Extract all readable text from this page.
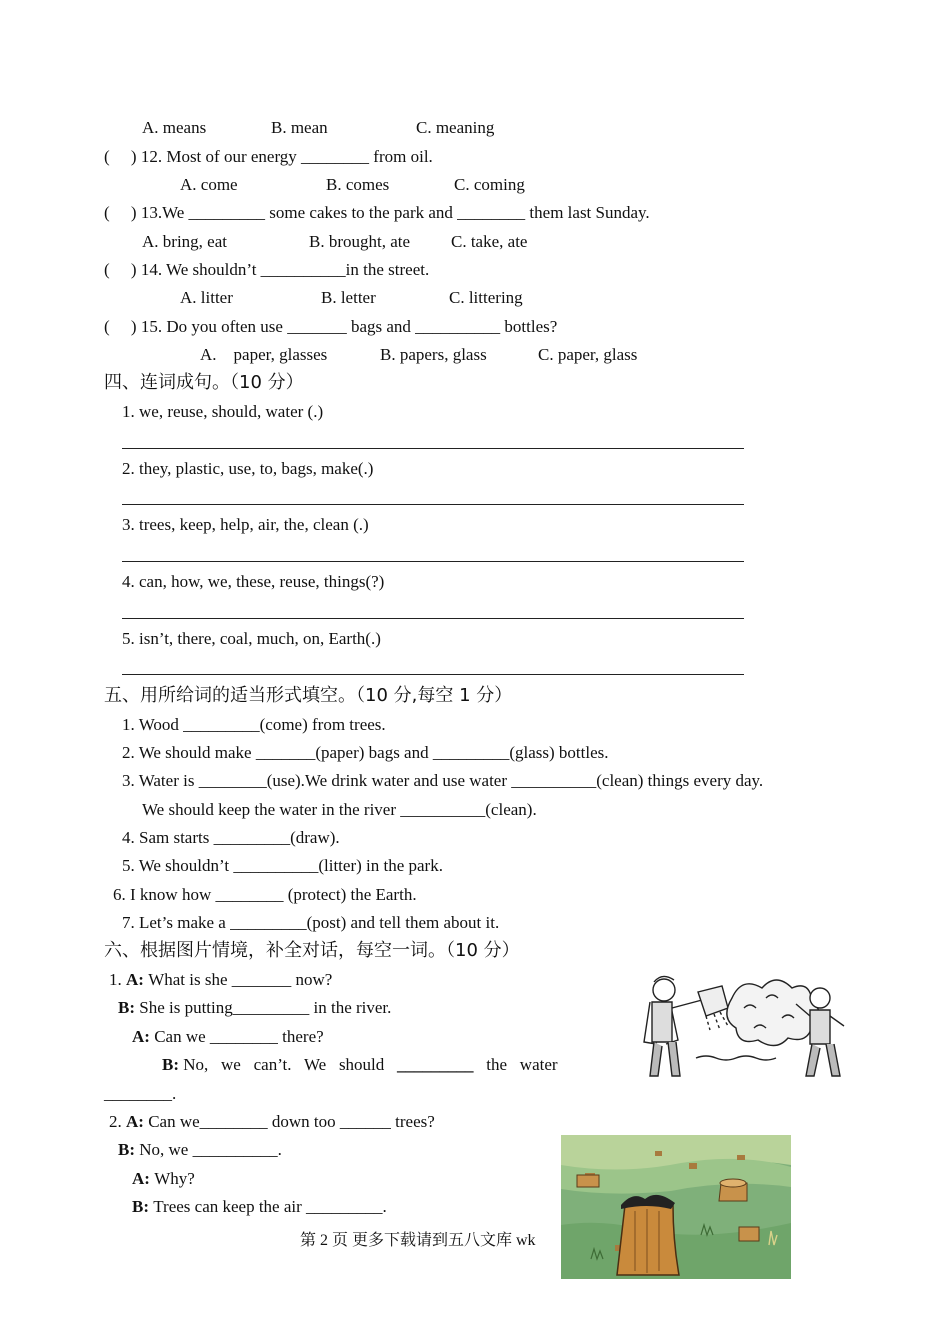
A. means	B. mean	C. meaning
(     ) 12. Most of our energy ________ from oil.
A. come	B. comes	C. coming
(     ) 13.We _________ some cakes to the park and ________ them last Sunday.
A. bring, eat	B. brought, ate C. take, ate
(     ) 14. We shouldn’t __________in the street.
A. litter	B. letter	C. littering
(     ) 15. Do you often use _______ bags and __________ bottles?
A.    paper, glasses	B. papers, glass	C. paper, glass
四、连词成句。（10 分）
1. we, reuse, should, water (.)
2. they, plastic, use, to, bags, make(.)
3. trees, keep, help, air, the, clean (.)
4. can, how, we, these, reuse, things(?)
5. isn’t, there, coal, much, on, Earth(.)
五、用所给词的适当形式填空。（10 分,每空 1 分）
1. Wood _________(come) from trees.
2. We should make _______(paper) bags and _________(glass) bottles.
3. Water is ________(use).We drink water and use water __________(clean) things every day.
We should keep the water in the river __________(clean).
4. Sam starts _________(draw).
5. We shouldn’t __________(litter) in the park.
6. I know how ________ (protect) the Earth.
7. Let’s make a _________(post) and tell them about it.
六、根据图片情境，补全对话，每空一词。（10 分）
1. A: What is she _______ now?
B: She is putting_________ in the river.
A: Can we ________ there?
B: No,   we   can’t.   We   should   _________   the   water
________.
2. A: Can we________ down too ______ trees?
B: No, we __________.
A: Why?
B: Trees can keep the air _________.
第 2 页 更多下载请到五八文库 wk
